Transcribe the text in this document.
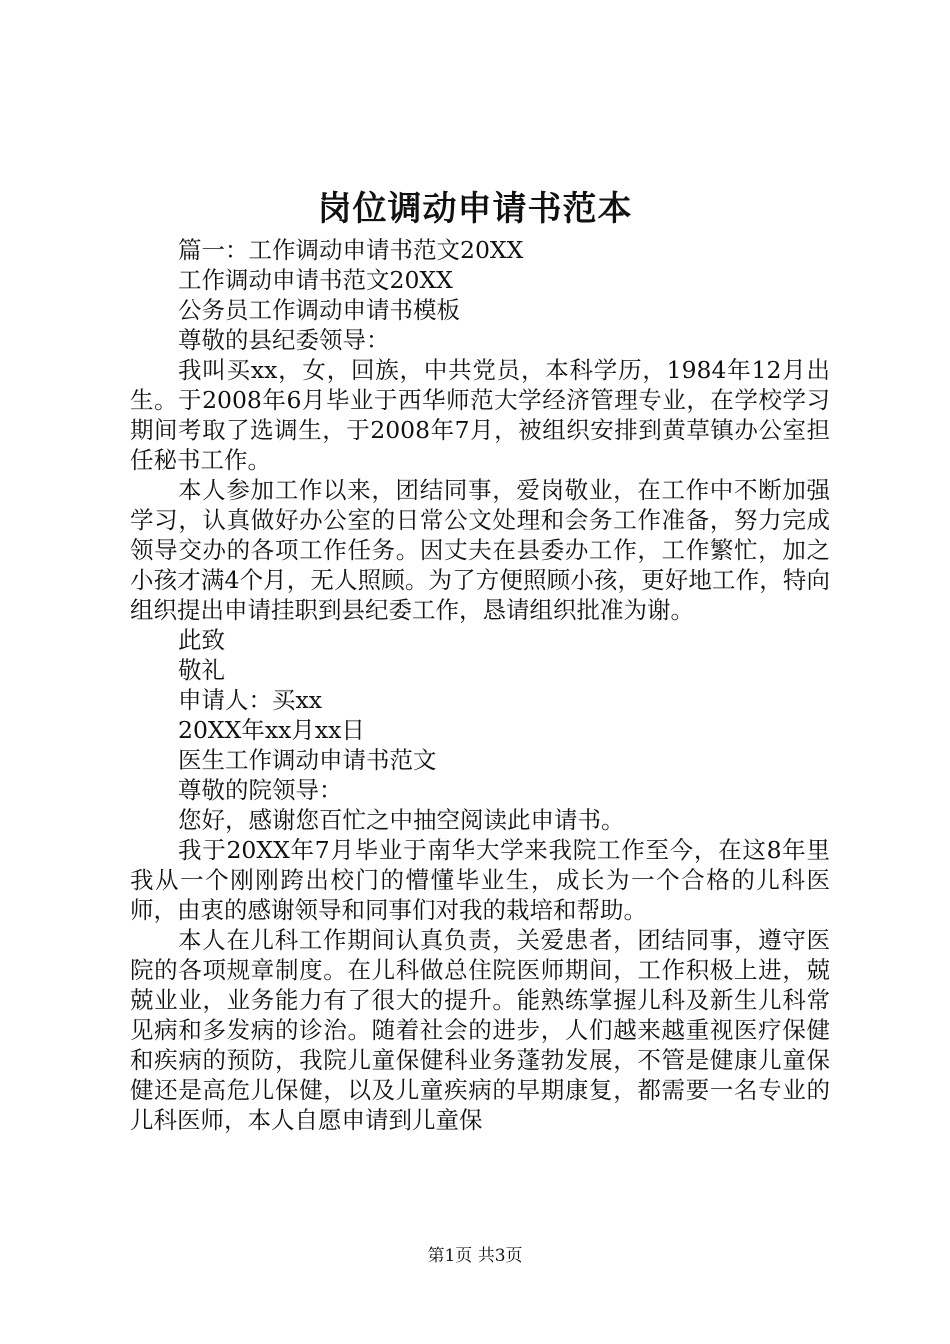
岗位调动申请书范本
篇一：工作调动申请书范文20XX
工作调动申请书范文20XX
公务员工作调动申请书模板
尊敬的县纪委领导：
我叫买xx，女，回族，中共党员，本科学历，1984年12月出生。于2008年6月毕业于西华师范大学经济管理专业，在学校学习期间考取了选调生，于2008年7月，被组织安排到黄草镇办公室担任秘书工作。
本人参加工作以来，团结同事，爱岗敬业，在工作中不断加强学习，认真做好办公室的日常公文处理和会务工作准备，努力完成领导交办的各项工作任务。因丈夫在县委办工作，工作繁忙，加之小孩才满4个月，无人照顾。为了方便照顾小孩，更好地工作，特向组织提出申请挂职到县纪委工作，恳请组织批准为谢。
此致
敬礼
申请人：买xx
20XX年xx月xx日
医生工作调动申请书范文
尊敬的院领导：
您好，感谢您百忙之中抽空阅读此申请书。
我于20XX年7月毕业于南华大学来我院工作至今，在这8年里我从一个刚刚跨出校门的懵懂毕业生，成长为一个合格的儿科医师，由衷的感谢领导和同事们对我的栽培和帮助。
本人在儿科工作期间认真负责，关爱患者，团结同事，遵守医院的各项规章制度。在儿科做总住院医师期间，工作积极上进，兢兢业业，业务能力有了很大的提升。能熟练掌握儿科及新生儿科常见病和多发病的诊治。随着社会的进步，人们越来越重视医疗保健和疾病的预防，我院儿童保健科业务蓬勃发展，不管是健康儿童保健还是高危儿保健，以及儿童疾病的早期康复，都需要一名专业的儿科医师，本人自愿申请到儿童保
第1页 共3页
